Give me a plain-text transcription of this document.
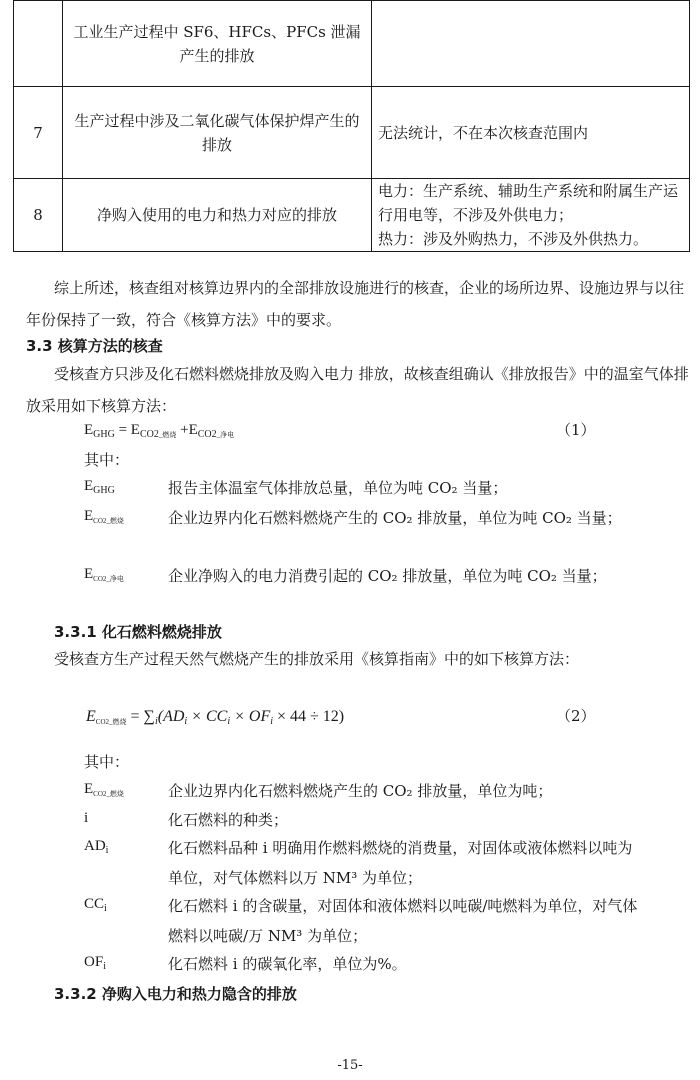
	工业生产过程中 SF6、HFCs、PFCs 泄漏产生的排放	
7	生产过程中涉及二氧化碳气体保护焊产生的排放	无法统计，不在本次核查范围内
8	净购入使用的电力和热力对应的排放	电力：生产系统、辅助生产系统和附属生产运行用电等，不涉及外供电力；
热力：涉及外购热力，不涉及外供热力。
综上所述，核查组对核算边界内的全部排放设施进行的核查，企业的场所边界、设施边界与以往年份保持了一致，符合《核算方法》中的要求。
3.3 核算方法的核查
受核查方只涉及化石燃料燃烧排放及购入电力 排放，故核查组确认《排放报告》中的温室气体排放采用如下核算方法：
$E_{GHG} = E_{CO2\_燃烧} +E_{CO2\_净电}$	（1）
其中：
$E_{GHG}$	报告主体温室气体排放总量，单位为吨 CO₂ 当量；
$E_{CO2\_燃烧}$	企业边界内化石燃料燃烧产生的 CO₂ 排放量，单位为吨 CO₂ 当量；
$E_{CO2\_净电}$	企业净购入的电力消费引起的 CO₂ 排放量，单位为吨 CO₂ 当量；
3.3.1 化石燃料燃烧排放
受核查方生产过程天然气燃烧产生的排放采用《核算指南》中的如下核算方法：
ECO2_燃烧 = $\sum_i(AD_i \times CC_i \times OF_i \times 44 \div 12)$	（2）
其中：
$E_{CO2\_燃烧}$	企业边界内化石燃料燃烧产生的 CO₂ 排放量，单位为吨；
i	化石燃料的种类；
$AD_i$	化石燃料品种 i 明确用作燃料燃烧的消费量，对固体或液体燃料以吨为单位，对气体燃料以万 NM³ 为单位；
$CC_i$	化石燃料 i 的含碳量，对固体和液体燃料以吨碳/吨燃料为单位，对气体燃料以吨碳/万 NM³ 为单位；
$OF_i$	化石燃料 i 的碳氧化率，单位为%。
3.3.2 净购入电力和热力隐含的排放
-15-
